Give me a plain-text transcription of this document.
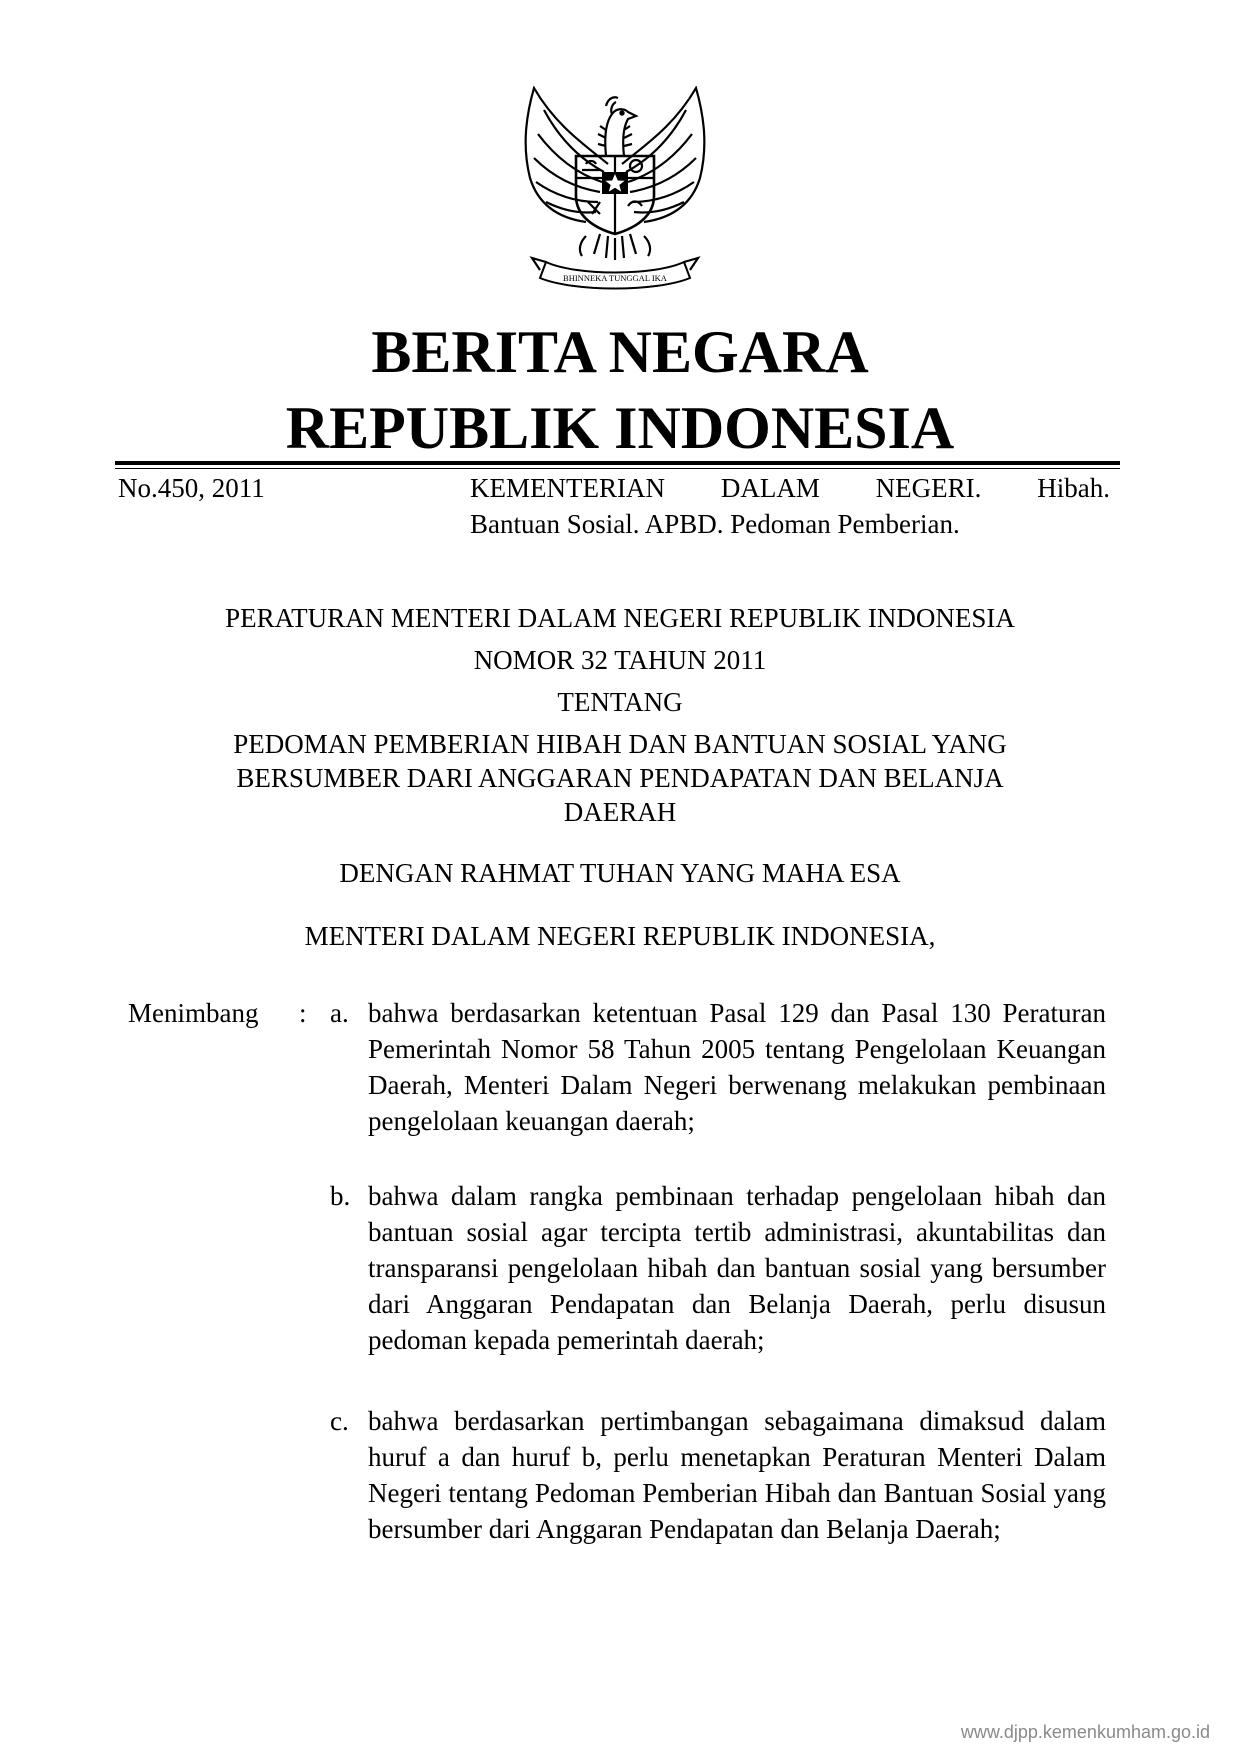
BHINNEKA TUNGGAL IKA
BERITA NEGARA
REPUBLIK INDONESIA
No.450, 2011	KEMENTERIAN DALAM NEGERI. Hibah.
Bantuan Sosial. APBD. Pedoman Pemberian.
PERATURAN MENTERI DALAM NEGERI REPUBLIK INDONESIA
NOMOR 32 TAHUN 2011
TENTANG
PEDOMAN PEMBERIAN HIBAH DAN BANTUAN SOSIAL YANG
BERSUMBER DARI ANGGARAN PENDAPATAN DAN BELANJA
DAERAH
DENGAN RAHMAT TUHAN YANG MAHA ESA
MENTERI DALAM NEGERI REPUBLIK INDONESIA,
Menimbang : a. bahwa berdasarkan ketentuan Pasal 129 dan Pasal 130 Peraturan Pemerintah Nomor 58 Tahun 2005 tentang Pengelolaan Keuangan Daerah, Menteri Dalam Negeri berwenang melakukan pembinaan pengelolaan keuangan daerah;
b. bahwa dalam rangka pembinaan terhadap pengelolaan hibah dan bantuan sosial agar tercipta tertib administrasi, akuntabilitas dan transparansi pengelolaan hibah dan bantuan sosial yang bersumber dari Anggaran Pendapatan dan Belanja Daerah, perlu disusun pedoman kepada pemerintah daerah;
c. bahwa berdasarkan pertimbangan sebagaimana dimaksud dalam huruf a dan huruf b, perlu menetapkan Peraturan Menteri Dalam Negeri tentang Pedoman Pemberian Hibah dan Bantuan Sosial yang bersumber dari Anggaran Pendapatan dan Belanja Daerah;
www.djpp.kemenkumham.go.id
